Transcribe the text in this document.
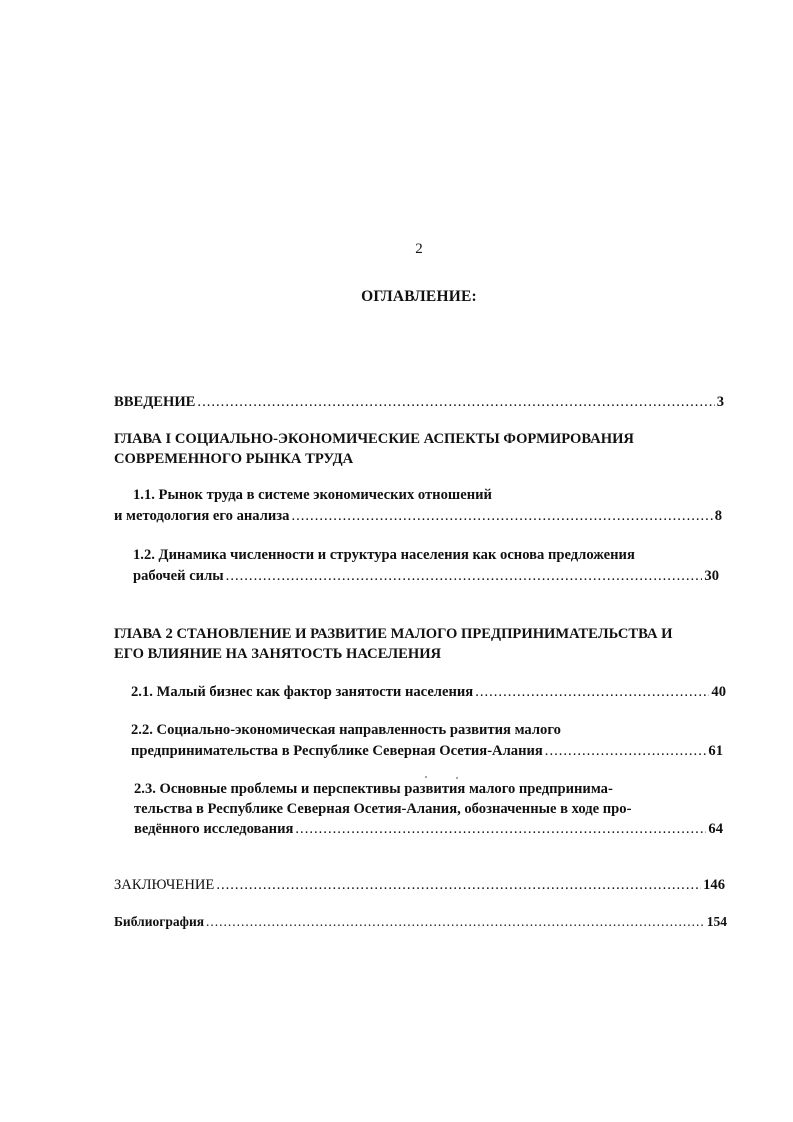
2
ОГЛАВЛЕНИЕ:
ВВЕДЕНИЕ .....	3
ГЛАВА I СОЦИАЛЬНО-ЭКОНОМИЧЕСКИЕ АСПЕКТЫ ФОРМИРОВАНИЯ
СОВРЕМЕННОГО РЫНКА ТРУДА
1.1. Рынок труда в системе экономических отношений
и методология его анализа .....	8
1.2. Динамика численности и структура населения как основа предложения
рабочей силы .....	30
ГЛАВА 2 СТАНОВЛЕНИЕ И РАЗВИТИЕ МАЛОГО ПРЕДПРИНИМАТЕЛЬСТВА И
ЕГО ВЛИЯНИЕ НА ЗАНЯТОСТЬ НАСЕЛЕНИЯ
2.1. Малый бизнес как фактор занятости населения .....	40
2.2. Социально-экономическая направленность развития малого
предпринимательства в Республике Северная Осетия-Алания .....	61
2.3. Основные проблемы и перспективы развития малого предпринима-
тельства в Республике Северная Осетия-Алания, обозначенные в ходе про-
ведённого исследования .....	64
ЗАКЛЮЧЕНИЕ .....	146
Библиография .....	154
